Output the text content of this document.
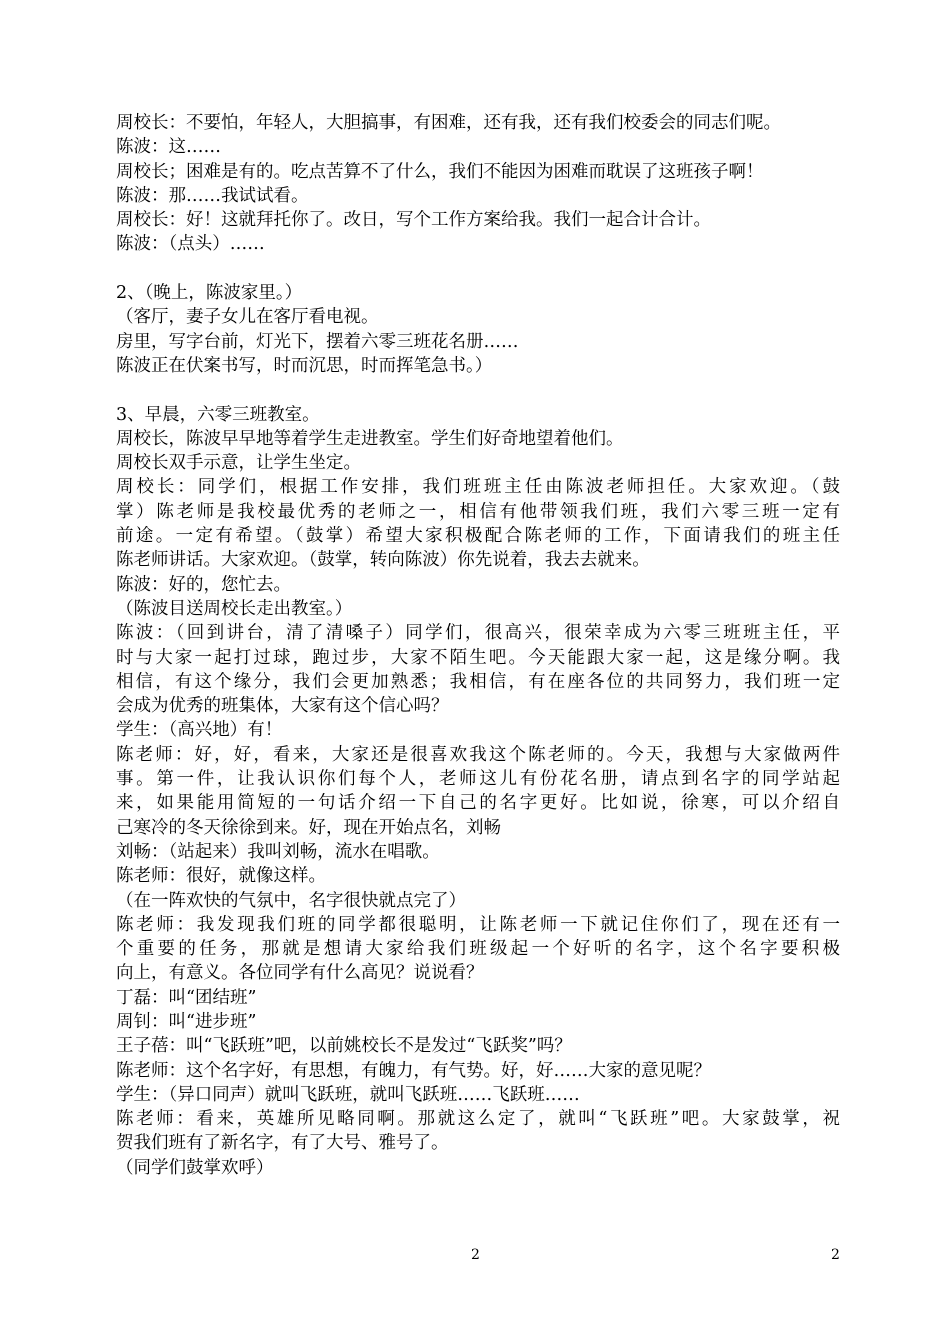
周校长：不要怕，年轻人，大胆搞事，有困难，还有我，还有我们校委会的同志们呢。
陈波：这……
周校长；困难是有的。吃点苦算不了什么，我们不能因为困难而耽误了这班孩子啊！
陈波：那……我试试看。
周校长：好！这就拜托你了。改日，写个工作方案给我。我们一起合计合计。
陈波：（点头）……
2、（晚上，陈波家里。）
（客厅，妻子女儿在客厅看电视。
房里，写字台前，灯光下，摆着六零三班花名册……
陈波正在伏案书写，时而沉思，时而挥笔急书。）
3、早晨，六零三班教室。
周校长，陈波早早地等着学生走进教室。学生们好奇地望着他们。
周校长双手示意，让学生坐定。
周校长：同学们，根据工作安排，我们班班主任由陈波老师担任。大家欢迎。（鼓
掌）陈老师是我校最优秀的老师之一，相信有他带领我们班，我们六零三班一定有
前途。一定有希望。（鼓掌）希望大家积极配合陈老师的工作，下面请我们的班主任
陈老师讲话。大家欢迎。（鼓掌，转向陈波）你先说着，我去去就来。
陈波：好的，您忙去。
（陈波目送周校长走出教室。）
陈波：（回到讲台，清了清嗓子）同学们，很高兴，很荣幸成为六零三班班主任，平
时与大家一起打过球，跑过步，大家不陌生吧。今天能跟大家一起，这是缘分啊。我
相信，有这个缘分，我们会更加熟悉；我相信，有在座各位的共同努力，我们班一定
会成为优秀的班集体，大家有这个信心吗？
学生：（高兴地）有！
陈老师：好，好，看来，大家还是很喜欢我这个陈老师的。今天，我想与大家做两件
事。第一件，让我认识你们每个人，老师这儿有份花名册，请点到名字的同学站起
来，如果能用简短的一句话介绍一下自己的名字更好。比如说，徐寒，可以介绍自
己寒冷的冬天徐徐到来。好，现在开始点名，刘畅
刘畅：（站起来）我叫刘畅，流水在唱歌。
陈老师：很好，就像这样。
（在一阵欢快的气氛中，名字很快就点完了）
陈老师：我发现我们班的同学都很聪明，让陈老师一下就记住你们了，现在还有一
个重要的任务，那就是想请大家给我们班级起一个好听的名字，这个名字要积极
向上，有意义。各位同学有什么高见？说说看？
丁磊：叫“团结班”
周钊：叫“进步班”
王子蓓：叫“飞跃班”吧，以前姚校长不是发过“飞跃奖”吗？
陈老师：这个名字好，有思想，有魄力，有气势。好，好……大家的意见呢？
学生：（异口同声）就叫飞跃班，就叫飞跃班……飞跃班……
陈老师：看来，英雄所见略同啊。那就这么定了，就叫“飞跃班”吧。大家鼓掌，祝
贺我们班有了新名字，有了大号、雅号了。
（同学们鼓掌欢呼）
2	2
